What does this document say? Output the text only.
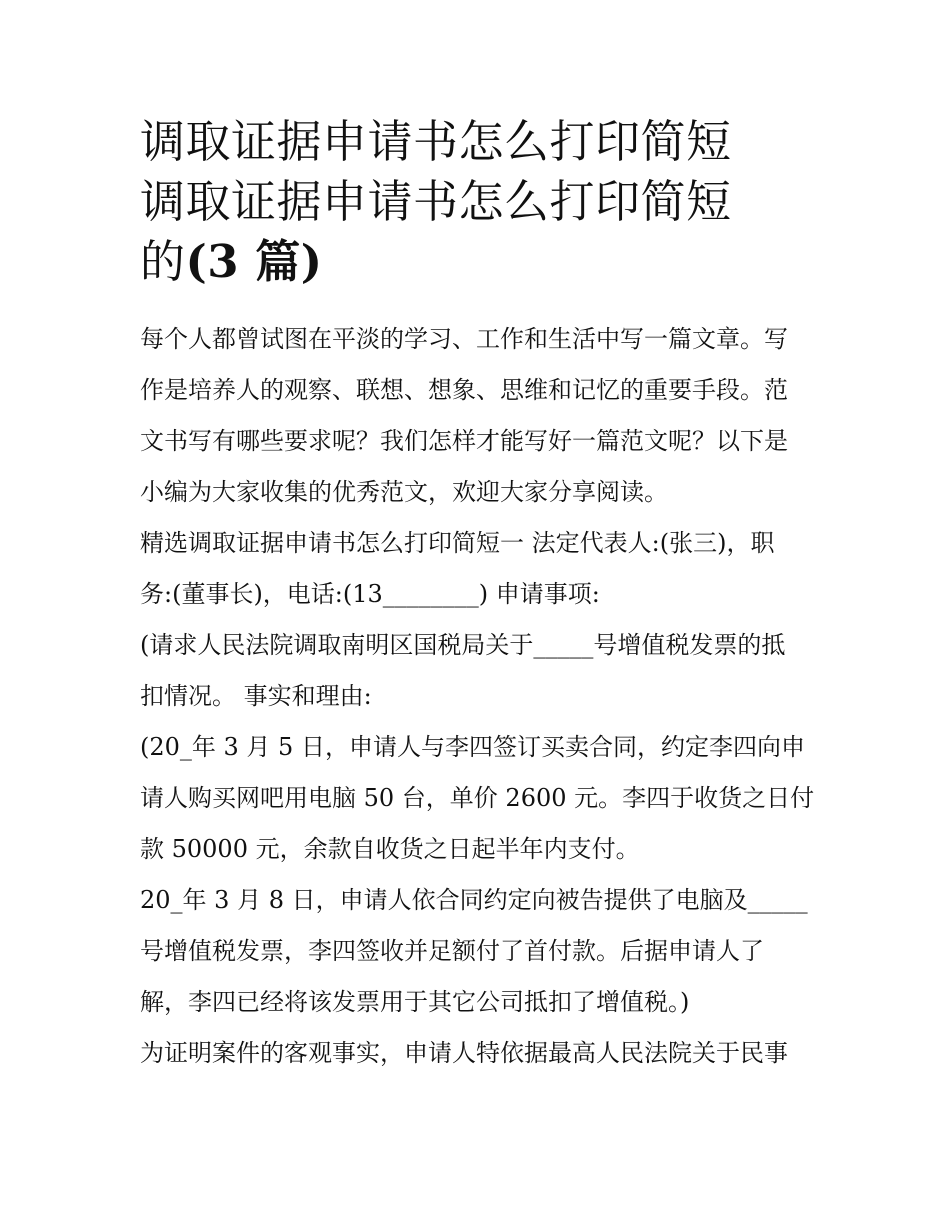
调取证据申请书怎么打印简短
调取证据申请书怎么打印简短
的(3 篇)

每个人都曾试图在平淡的学习、工作和生活中写一篇文章。写
作是培养人的观察、联想、想象、思维和记忆的重要手段。范
文书写有哪些要求呢？我们怎样才能写好一篇范文呢？以下是
小编为大家收集的优秀范文，欢迎大家分享阅读。

精选调取证据申请书怎么打印简短一 法定代表人:(张三)，职
务:(董事长)，电话:(13________) 申请事项:

(请求人民法院调取南明区国税局关于_____号增值税发票的抵
扣情况。 事实和理由:

(20_年 3 月 5 日，申请人与李四签订买卖合同，约定李四向申
请人购买网吧用电脑 50 台，单价 2600 元。李四于收货之日付
款 50000 元，余款自收货之日起半年内支付。

20_年 3 月 8 日，申请人依合同约定向被告提供了电脑及_____
号增值税发票，李四签收并足额付了首付款。后据申请人了
解，李四已经将该发票用于其它公司抵扣了增值税。)

为证明案件的客观事实，申请人特依据最高人民法院关于民事
